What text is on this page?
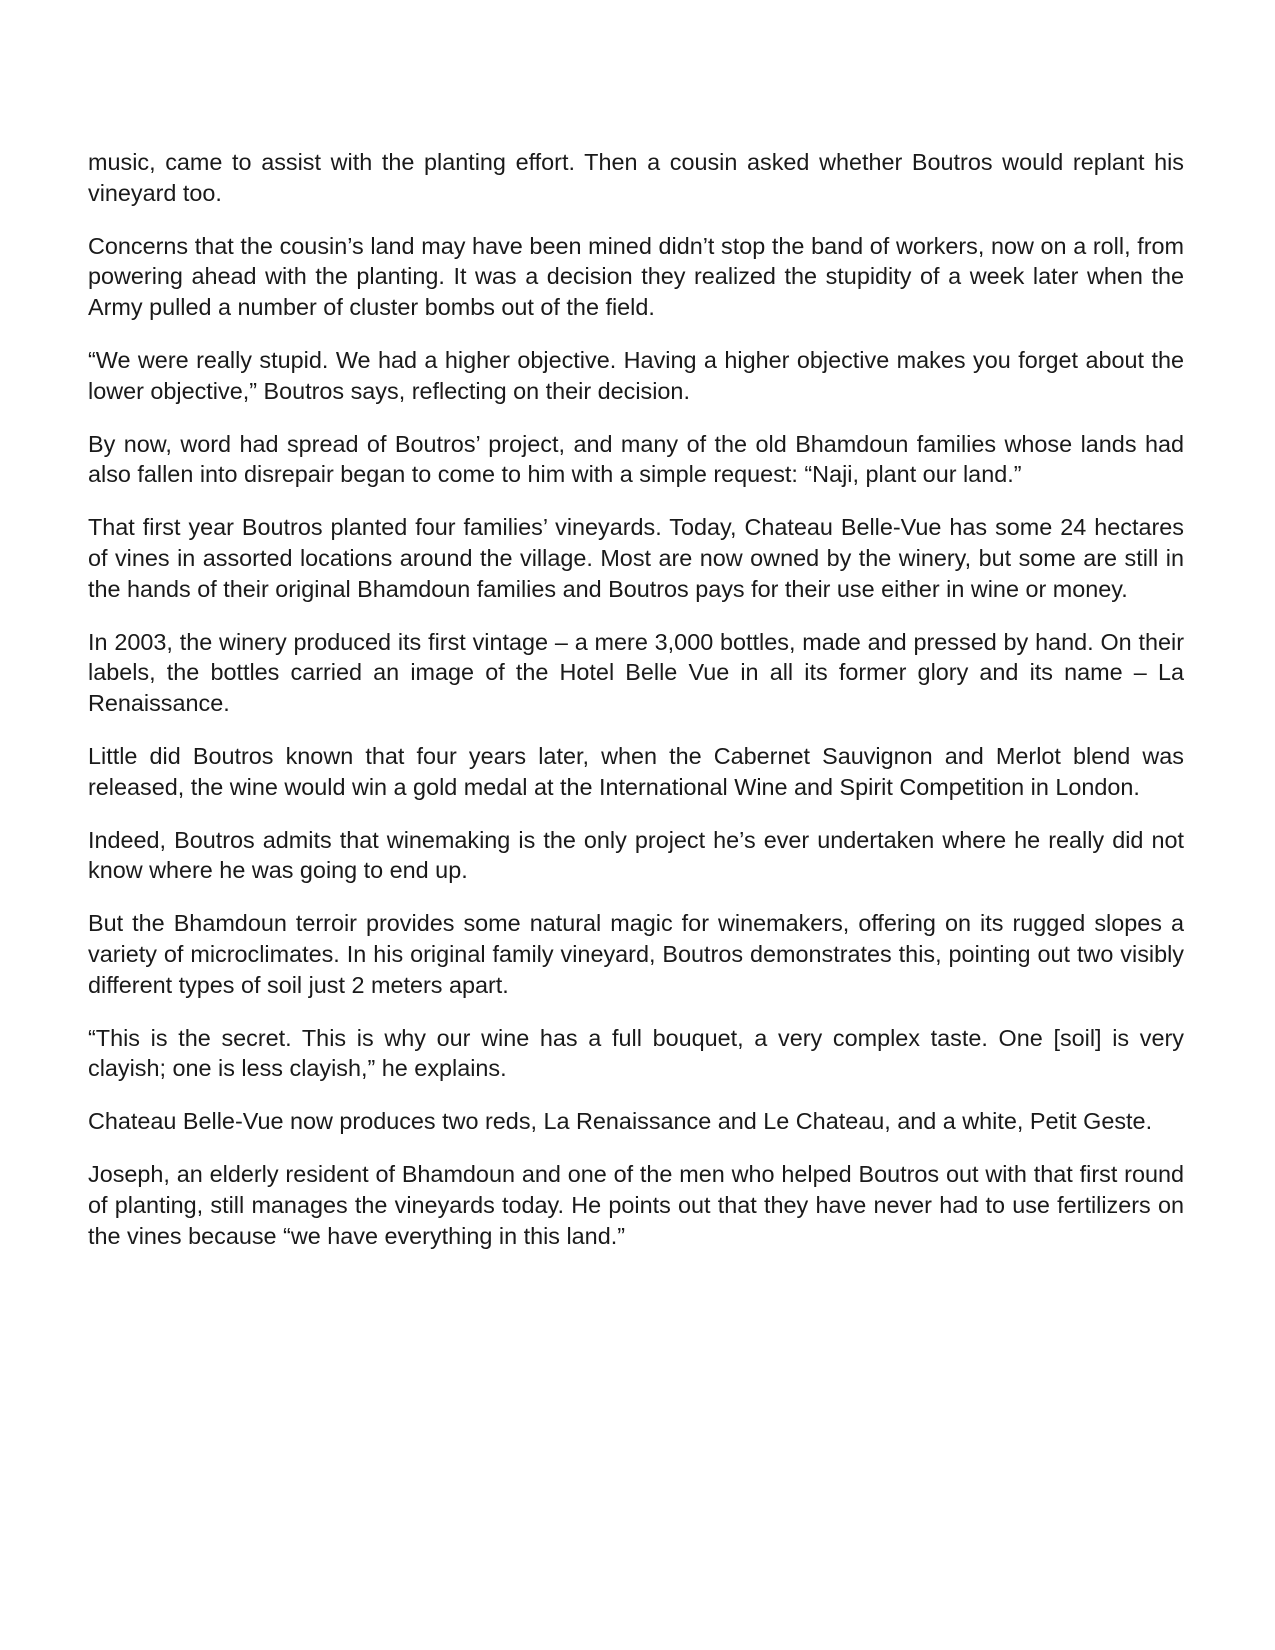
music, came to assist with the planting effort. Then a cousin asked whether Boutros would replant his vineyard too.

Concerns that the cousin’s land may have been mined didn’t stop the band of workers, now on a roll, from powering ahead with the planting. It was a decision they realized the stupidity of a week later when the Army pulled a number of cluster bombs out of the field.

“We were really stupid. We had a higher objective. Having a higher objective makes you forget about the lower objective,” Boutros says, reflecting on their decision.

By now, word had spread of Boutros’ project, and many of the old Bhamdoun families whose lands had also fallen into disrepair began to come to him with a simple request: “Naji, plant our land.”

That first year Boutros planted four families’ vineyards. Today, Chateau Belle-Vue has some 24 hectares of vines in assorted locations around the village. Most are now owned by the winery, but some are still in the hands of their original Bhamdoun families and Boutros pays for their use either in wine or money.

In 2003, the winery produced its first vintage – a mere 3,000 bottles, made and pressed by hand. On their labels, the bottles carried an image of the Hotel Belle Vue in all its former glory and its name – La Renaissance.

Little did Boutros known that four years later, when the Cabernet Sauvignon and Merlot blend was released, the wine would win a gold medal at the International Wine and Spirit Competition in London.

Indeed, Boutros admits that winemaking is the only project he’s ever undertaken where he really did not know where he was going to end up.

But the Bhamdoun terroir provides some natural magic for winemakers, offering on its rugged slopes a variety of microclimates. In his original family vineyard, Boutros demonstrates this, pointing out two visibly different types of soil just 2 meters apart.

“This is the secret. This is why our wine has a full bouquet, a very complex taste. One [soil] is very clayish; one is less clayish,” he explains.

Chateau Belle-Vue now produces two reds, La Renaissance and Le Chateau, and a white, Petit Geste.

Joseph, an elderly resident of Bhamdoun and one of the men who helped Boutros out with that first round of planting, still manages the vineyards today. He points out that they have never had to use fertilizers on the vines because “we have everything in this land.”
